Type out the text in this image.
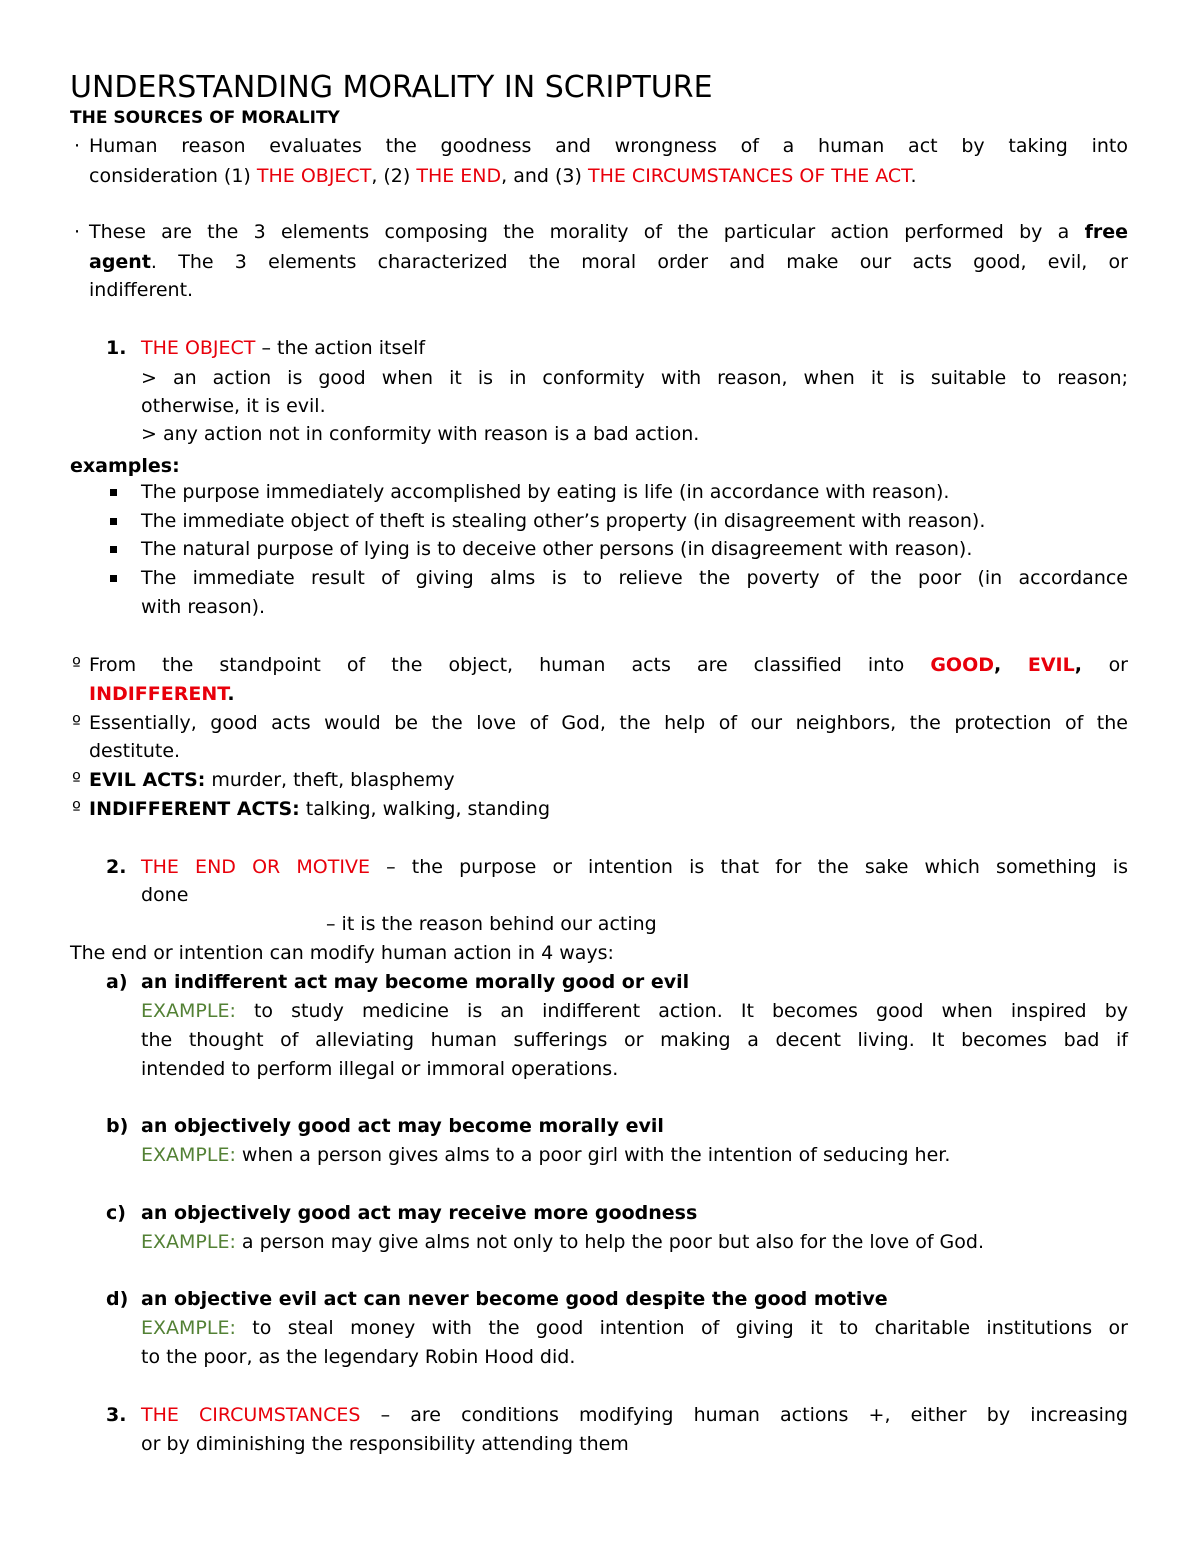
UNDERSTANDING MORALITY IN SCRIPTURE
THE SOURCES OF MORALITY
· Human reason evaluates the goodness and wrongness of a human act by taking into
consideration (1) THE OBJECT, (2) THE END, and (3) THE CIRCUMSTANCES OF THE ACT.
· These are the 3 elements composing the morality of the particular action performed by a free
agent. The 3 elements characterized the moral order and make our acts good, evil, or
indifferent.
1. THE OBJECT – the action itself
> an action is good when it is in conformity with reason, when it is suitable to reason;
otherwise, it is evil.
> any action not in conformity with reason is a bad action.
examples:
The purpose immediately accomplished by eating is life (in accordance with reason).
The immediate object of theft is stealing other’s property (in disagreement with reason).
The natural purpose of lying is to deceive other persons (in disagreement with reason).
The immediate result of giving alms is to relieve the poverty of the poor (in accordance
with reason).
º From the standpoint of the object, human acts are classified into GOOD, EVIL, or
INDIFFERENT.
º Essentially, good acts would be the love of God, the help of our neighbors, the protection of the
destitute.
º EVIL ACTS: murder, theft, blasphemy
º INDIFFERENT ACTS: talking, walking, standing
2. THE END OR MOTIVE – the purpose or intention is that for the sake which something is
done
– it is the reason behind our acting
The end or intention can modify human action in 4 ways:
a) an indifferent act may become morally good or evil
EXAMPLE: to study medicine is an indifferent action. It becomes good when inspired by
the thought of alleviating human sufferings or making a decent living. It becomes bad if
intended to perform illegal or immoral operations.
b) an objectively good act may become morally evil
EXAMPLE: when a person gives alms to a poor girl with the intention of seducing her.
c) an objectively good act may receive more goodness
EXAMPLE: a person may give alms not only to help the poor but also for the love of God.
d) an objective evil act can never become good despite the good motive
EXAMPLE: to steal money with the good intention of giving it to charitable institutions or
to the poor, as the legendary Robin Hood did.
3. THE CIRCUMSTANCES – are conditions modifying human actions +, either by increasing
or by diminishing the responsibility attending them
